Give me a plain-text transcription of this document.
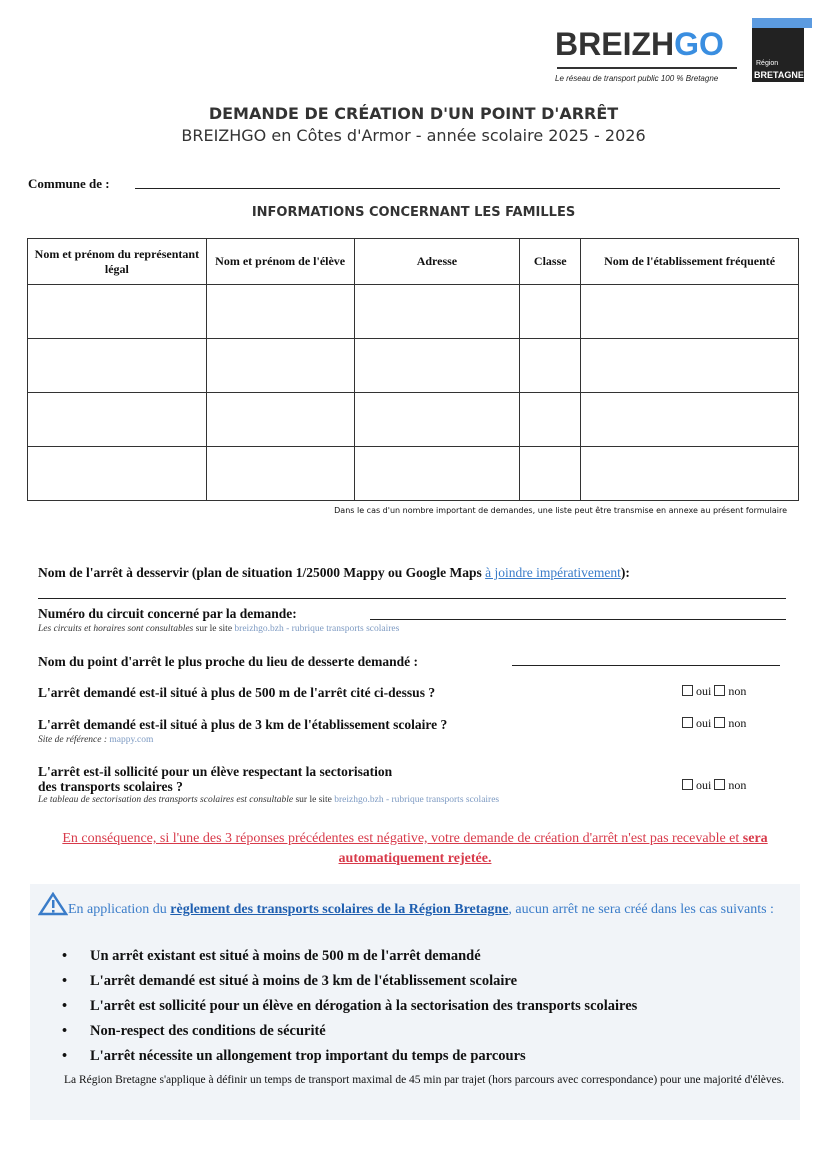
BREIZHGO
Le réseau de transport public 100 % Bretagne
Région
BRETAGNE
DEMANDE DE CRÉATION D'UN POINT D'ARRÊT
BREIZHGO en Côtes d'Armor - année scolaire 2025 - 2026
Commune de :
INFORMATIONS CONCERNANT LES FAMILLES
Nom et prénom du représentant légal	Nom et prénom de l'élève	Adresse	Classe	Nom de l'établissement fréquenté

Dans le cas d'un nombre important de demandes, une liste peut être transmise en annexe au présent formulaire
Nom de l'arrêt à desservir (plan de situation 1/25000 Mappy ou Google Maps à joindre impérativement):
Numéro du circuit concerné par la demande:
Les circuits et horaires sont consultables sur le site breizhgo.bzh - rubrique transports scolaires
Nom du point d'arrêt le plus proche du lieu de desserte demandé :
L'arrêt demandé est-il situé à plus de 500 m de l'arrêt cité ci-dessus ?	oui non
L'arrêt demandé est-il situé à plus de 3 km de l'établissement scolaire ?
Site de référence : mappy.com
oui non
L'arrêt est-il sollicité pour un élève respectant la sectorisation
des transports scolaires ?
Le tableau de sectorisation des transports scolaires est consultable sur le site breizhgo.bzh - rubrique transports scolaires
oui non
En conséquence, si l'une des 3 réponses précédentes est négative, votre demande de création d'arrêt n'est pas recevable et sera automatiquement rejetée.
En application du règlement des transports scolaires de la Région Bretagne, aucun arrêt ne sera créé dans les cas suivants :
• Un arrêt existant est situé à moins de 500 m de l'arrêt demandé
• L'arrêt demandé est situé à moins de 3 km de l'établissement scolaire
• L'arrêt est sollicité pour un élève en dérogation à la sectorisation des transports scolaires
• Non-respect des conditions de sécurité
• L'arrêt nécessite un allongement trop important du temps de parcours
La Région Bretagne s'applique à définir un temps de transport maximal de 45 min par trajet (hors parcours avec correspondance) pour une majorité d'élèves.
